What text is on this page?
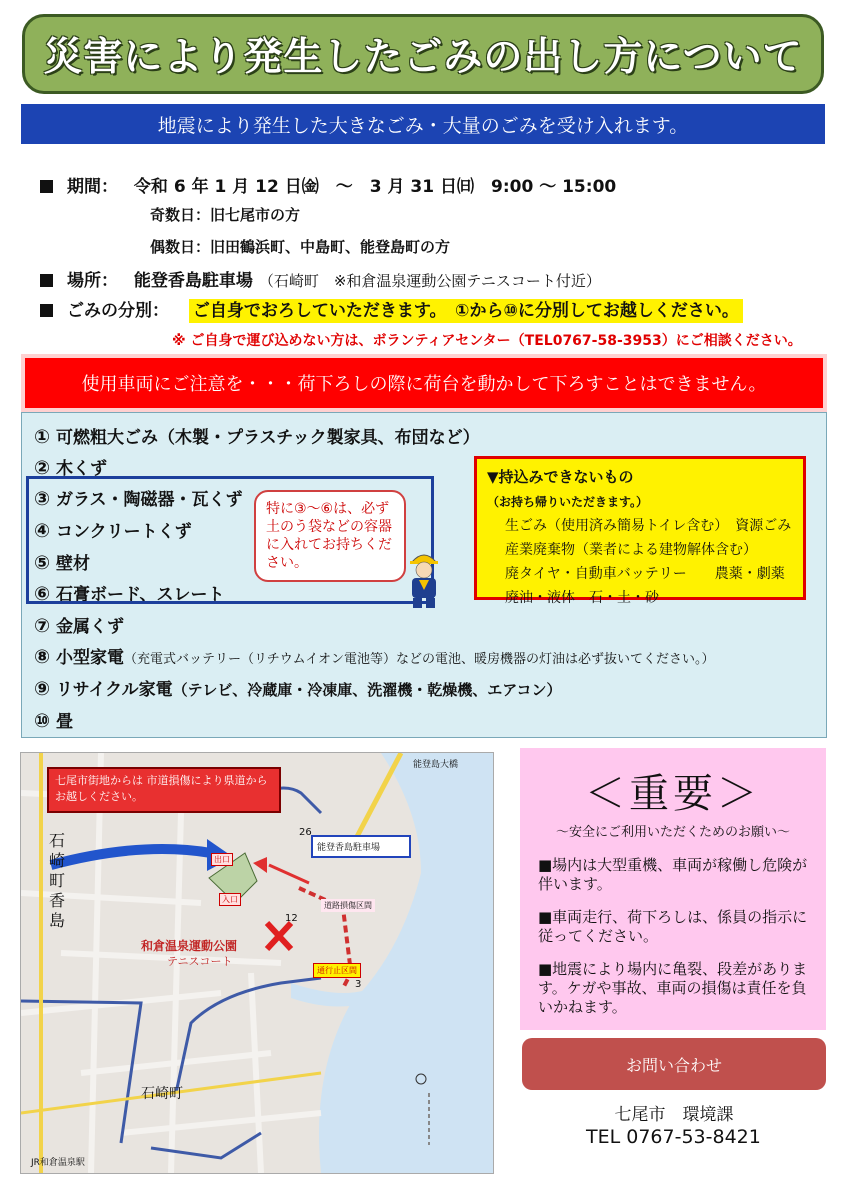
災害により発生したごみの出し方について
地震により発生した大きなごみ・大量のごみを受け入れます。
期間： 令和 6 年 1 月 12 日㈮　～　3 月 31 日㈰　9:00 ～ 15:00
奇数日：旧七尾市の方
偶数日：旧田鶴浜町、中島町、能登島町の方
場所： 能登香島駐車場 （石崎町　※和倉温泉運動公園テニスコート付近）
ごみの分別： ご自身でおろしていただきます。　①から⑩に分別してお越しください。
※ ご自身で運び込めない方は、ボランティアセンター（TEL0767-58-3953）にご相談ください。
使用車両にご注意を・・・荷下ろしの際に荷台を動かして下ろすことはできません。
① 可燃粗大ごみ（木製・プラスチック製家具、布団など）
② 木くず
③ ガラス・陶磁器・瓦くず
④ コンクリートくず
⑤ 壁材
⑥ 石膏ボード、スレート
⑦ 金属くず
⑧ 小型家電（充電式バッテリー（リチウムイオン電池等）などの電池、暖房機器の灯油は必ず抜いてください。）
⑨ リサイクル家電（テレビ、冷蔵庫・冷凍庫、洗濯機・乾燥機、エアコン）
⑩ 畳
特に③～⑥は、必ず土のう袋などの容器に入れてお持ちください。
▼持込みできないもの（お持ち帰りいただきます。）
生ごみ（使用済み簡易トイレ含む）　資源ごみ
産業廃棄物（業者による建物解体含む）
廃タイヤ・自動車バッテリー　　農薬・劇薬
廃油・液体　石・土・砂
七尾市街地からは 市道損傷により県道からお越しください。
能登香島駐車場
出口
入口
道路損傷区間
通行止区間
和倉温泉運動公園
テニスコート
石崎町
石崎町香島
能登島大橋
JR和倉温泉駅
26
12
3
＜重要＞
～安全にご利用いただくためのお願い～
■場内は大型重機、車両が稼働し危険が伴います。
■車両走行、荷下ろしは、係員の指示に従ってください。
■地震により場内に亀裂、段差があります。ケガや事故、車両の損傷は責任を負いかねます。
お問い合わせ
七尾市　環境課
TEL 0767-53-8421
